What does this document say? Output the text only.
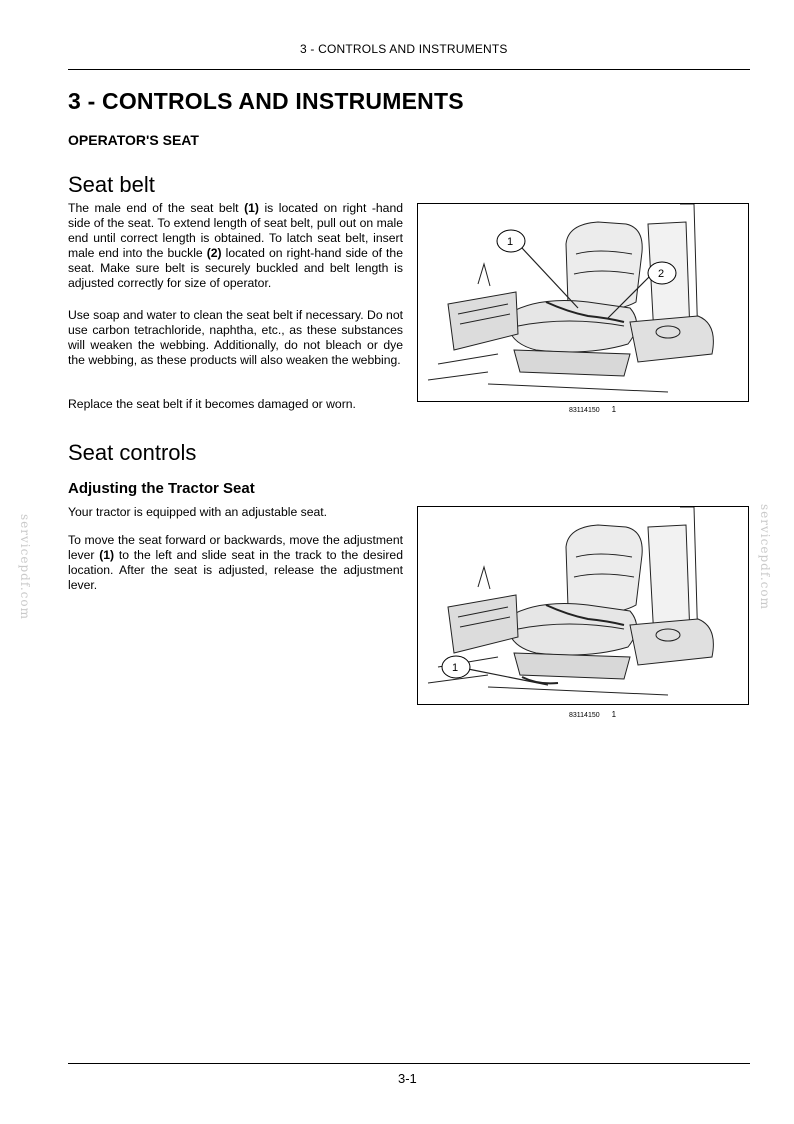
3 - CONTROLS AND INSTRUMENTS
3 - CONTROLS AND INSTRUMENTS
OPERATOR'S SEAT
Seat belt
The male end of the seat belt (1) is located on right -hand side of the seat. To extend length of seat belt, pull out on male end until correct length is obtained. To latch seat belt, insert male end into the buckle (2) located on right-hand side of the seat. Make sure belt is securely buckled and belt length is adjusted correctly for size of operator.
Use soap and water to clean the seat belt if necessary. Do not use carbon tetrachloride, naphtha, etc., as these substances will weaken the webbing. Additionally, do not bleach or dye the webbing, as these products will also weaken the webbing.
Replace the seat belt if it becomes damaged or worn.
1
2
83114150 1
Seat controls
Adjusting the Tractor Seat
Your tractor is equipped with an adjustable seat.
To move the seat forward or backwards, move the adjustment lever (1) to the left and slide seat in the track to the desired location. After the seat is adjusted, release the adjustment lever.
1
83114150 1
servicepdf.com	servicepdf.com
3-1
